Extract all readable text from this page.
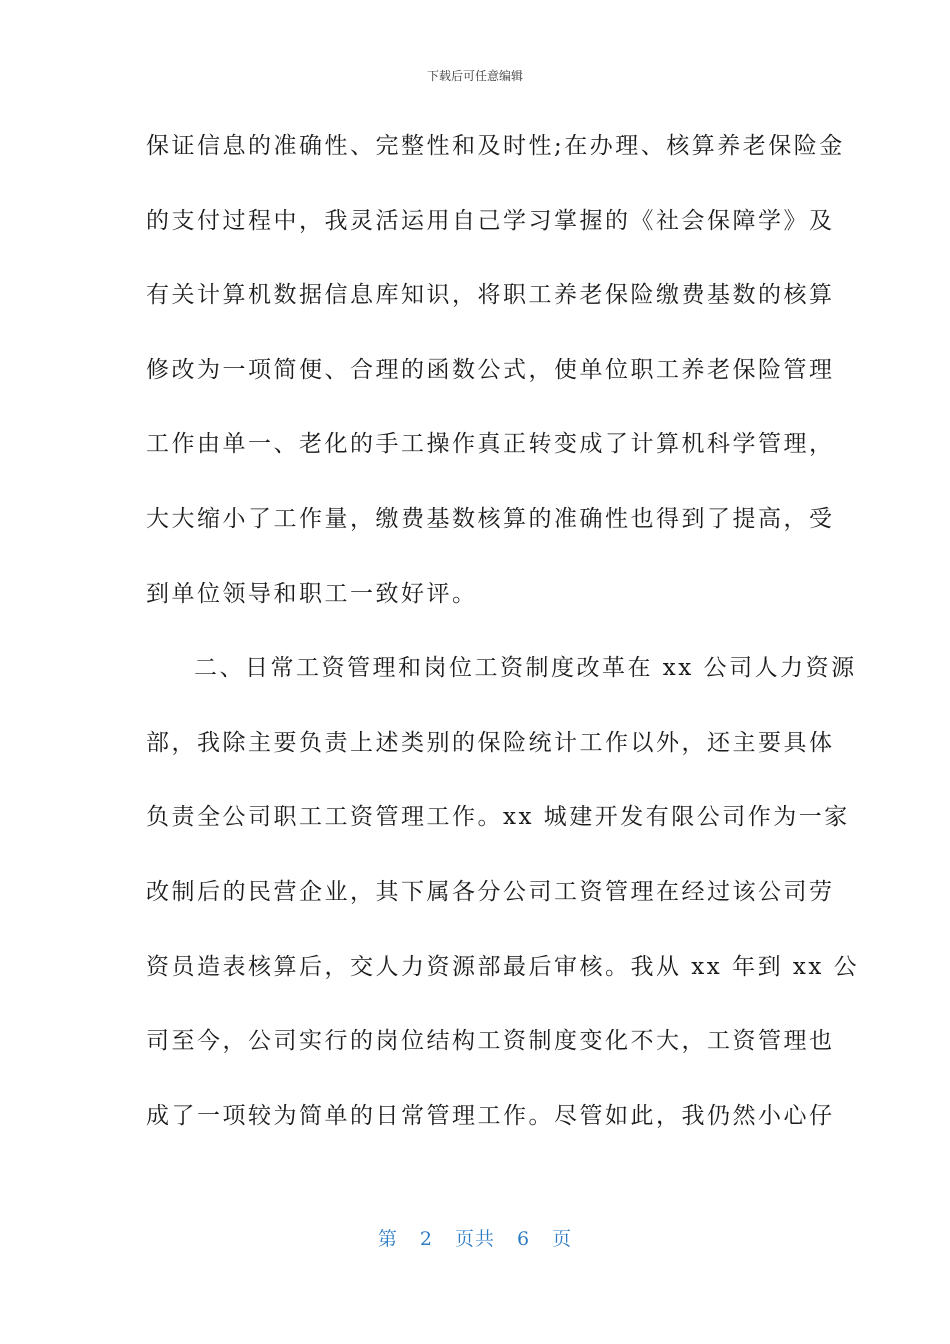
下载后可任意编辑
保证信息的准确性、完整性和及时性;在办理、核算养老保险金
的支付过程中，我灵活运用自己学习掌握的《社会保障学》及
有关计算机数据信息库知识，将职工养老保险缴费基数的核算
修改为一项简便、合理的函数公式，使单位职工养老保险管理
工作由单一、老化的手工操作真正转变成了计算机科学管理，
大大缩小了工作量，缴费基数核算的准确性也得到了提高，受
到单位领导和职工一致好评。
二、日常工资管理和岗位工资制度改革在 xx 公司人力资源
部，我除主要负责上述类别的保险统计工作以外，还主要具体
负责全公司职工工资管理工作。xx 城建开发有限公司作为一家
改制后的民营企业，其下属各分公司工资管理在经过该公司劳
资员造表核算后，交人力资源部最后审核。我从 xx 年到 xx 公
司至今，公司实行的岗位结构工资制度变化不大，工资管理也
成了一项较为简单的日常管理工作。尽管如此，我仍然小心仔
第 2 页共 6 页
